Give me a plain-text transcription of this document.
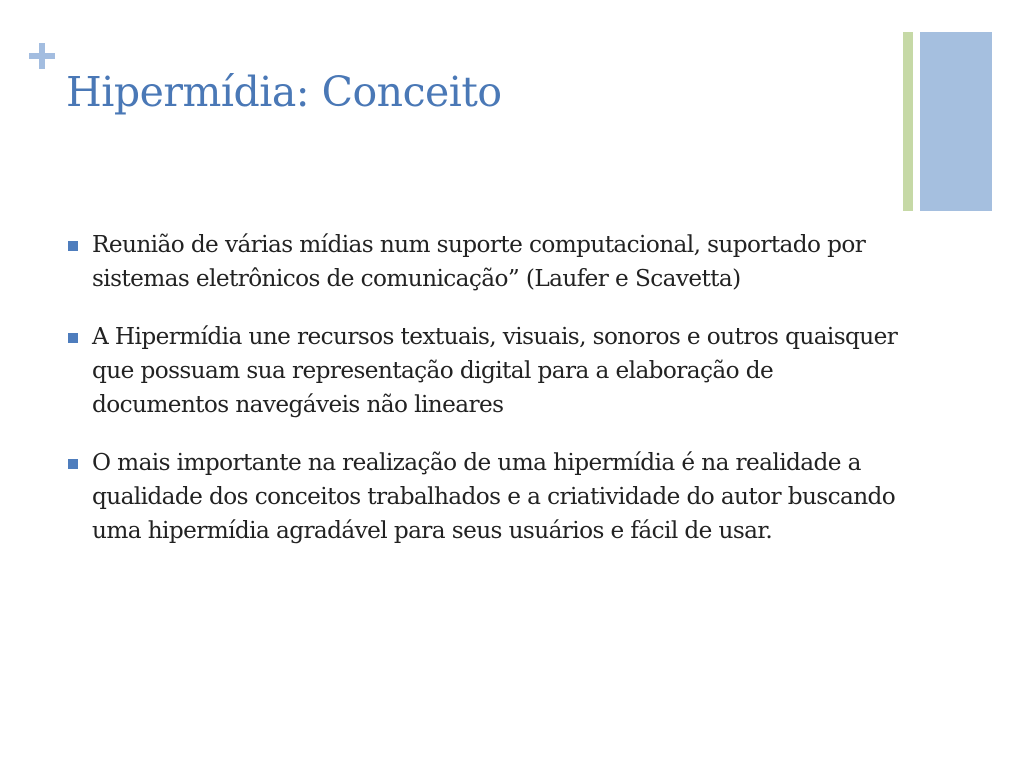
Hipermídia: Conceito
Reunião de várias mídias num suporte computacional, suportado por sistemas eletrônicos de comunicação” (Laufer e Scavetta)
A Hipermídia une recursos textuais, visuais, sonoros e outros quaisquer que possuam sua representação digital para a elaboração de documentos navegáveis não lineares
O mais importante na realização de uma hipermídia é na realidade a qualidade dos conceitos trabalhados e a criatividade do autor buscando uma hipermídia agradável para seus usuários e fácil de usar.
